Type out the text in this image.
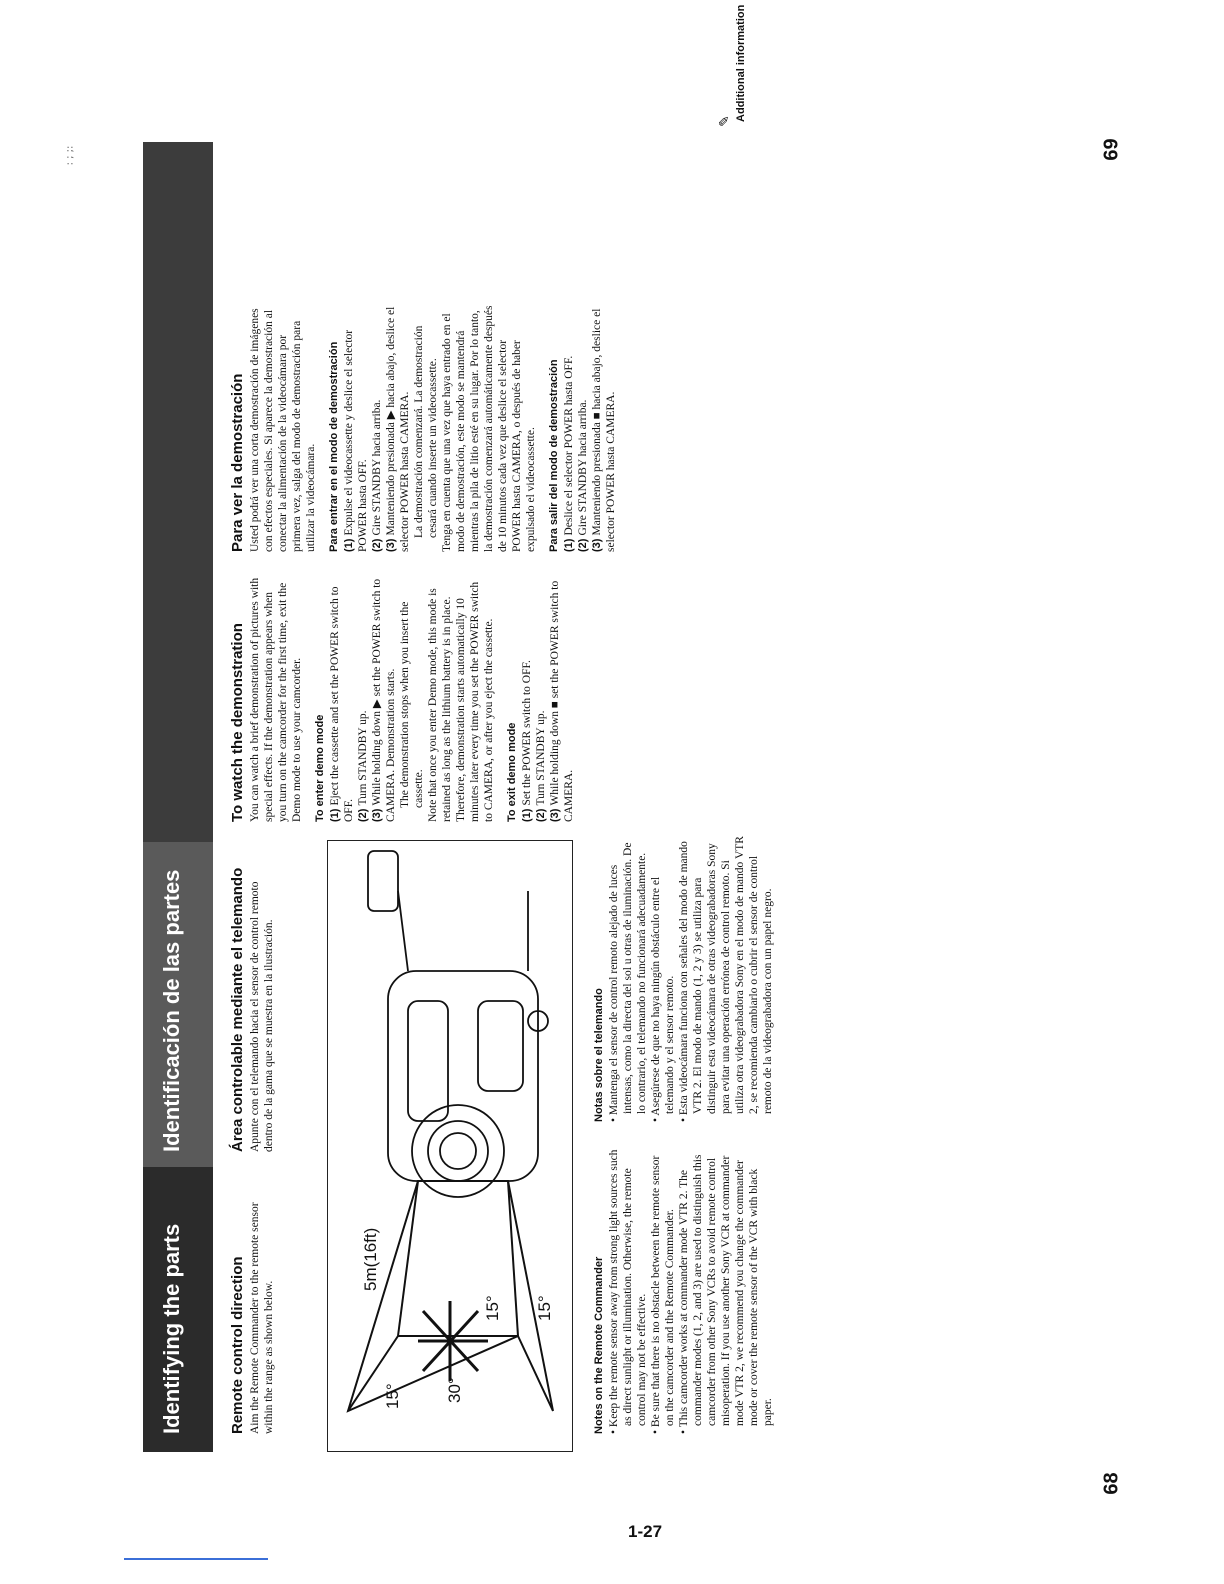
: ; ;:	69
68
1-27
Identifying the parts
Identificación de las partes
✎ Additional information
Remote control direction Aim the Remote Commander to the remote sensor within the range as shown below.

Área controlable mediante el telemando Apunte con el telemando hacia el sensor de control remoto dentro de la gama que se muestra en la ilustración.

5m(16ft)
15°
15° 15°
30°	Notes on the Remote Commander • Keep the remote sensor away from strong light sources such as direct sunlight or illumination. Otherwise, the remote control may not be effective.
• Be sure that there is no obstacle between the remote sensor on the camcorder and the Remote Commander.
• This camcorder works at commander mode VTR 2. The commander modes (1, 2, and 3) are used to distinguish this camcorder from other Sony VCRs to avoid remote control misoperation. If you use another Sony VCR at commander mode VTR 2, we recommend you change the commander mode or cover the remote sensor of the VCR with black paper.
Notas sobre el telemando • Mantenga el sensor de control remoto alejado de luces intensas, como la directa del sol u otras de iluminación. De lo contrario, el telemando no funcionará adecuadamente.
• Asegúrese de que no haya ningún obstáculo entre el telemando y el sensor remoto.
• Esta videocámara funciona con señales del modo de mando VTR 2. El modo de mando (1, 2 y 3) se utiliza para distinguir esta videocámara de otras videograbadoras Sony para evitar una operación errónea de control remoto. Si utiliza otra videograbadora Sony en el modo de mando VTR 2, se recomienda cambiarlo o cubrir el sensor de control remoto de la videograbadora con un papel negro.
To watch the demonstration You can watch a brief demonstration of pictures with special effects. If the demonstration appears when you turn on the camcorder for the first time, exit the Demo mode to use your camcorder. To enter demo mode (1)Eject the cassette and set the POWER switch to OFF. (2)Turn STANDBY up.
(3)While holding down ▶ set the POWER switch to CAMERA. Demonstration starts. The demonstration stops when you insert the cassette. Note that once you enter Demo mode, this mode is retained as long as the lithium battery is in place. Therefore, demonstration starts automatically 10 minutes later every time you set the POWER switch to CAMERA, or after you eject the cassette. To exit demo mode (1)Set the POWER switch to OFF.
(2)Turn STANDBY up.
(3)While holding down ■ set the POWER switch to CAMERA.
Para ver la demostración Usted podrá ver una corta demostración de imágenes con efectos especiales. Si aparece la demostración al conectar la alimentación de la videocámara por primera vez, salga del modo de demostración para utilizar la videocámara. Para entrar en el modo de demostración (1)Expulse el videocassette y deslice el selector POWER hasta OFF. (2)Gire STANDBY hacia arriba.
(3)Manteniendo presionada ▶ hacia abajo, deslice el selector POWER hasta CAMERA. La demostración comenzará. La demostración cesará cuando inserte un videocassette. Tenga en cuenta que una vez que haya entrado en el modo de demostración, este modo se mantendrá mientras la pila de litio esté en su lugar. Por lo tanto, la demostración comenzará automáticamente después de 10 minutos cada vez que deslice el selector POWER hasta CAMERA, o después de haber expulsado el videocassette. Para salir del modo de demostración (1)Deslice el selector POWER hasta OFF.
(2)Gire STANDBY hacia arriba.
(3)Manteniendo presionada ■ hacia abajo, deslice el selector POWER hasta CAMERA.
